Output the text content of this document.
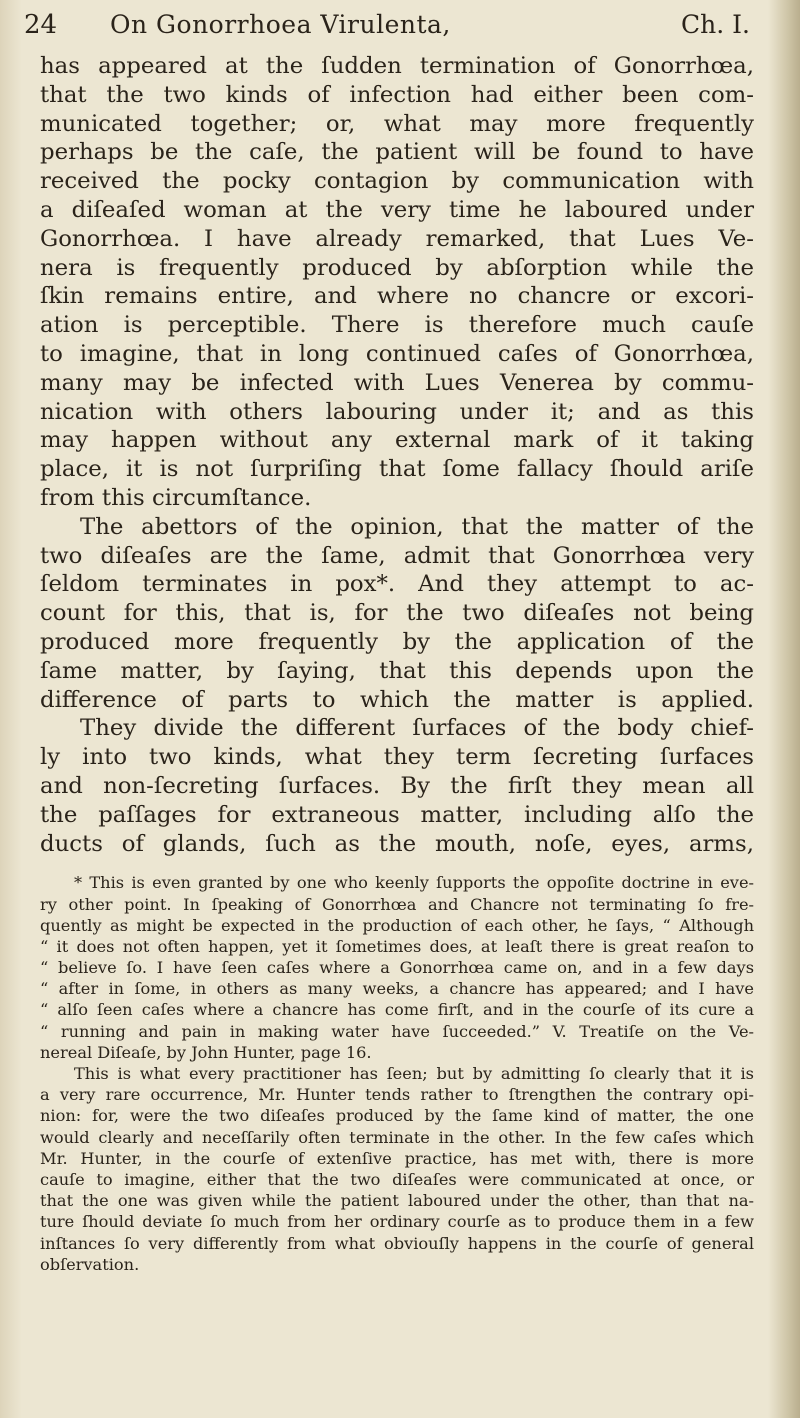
24 On Gonorrhoea Virulenta,	Ch. I.
has appeared at the ſudden termination of Gonorrhœa,
that the two kinds of infection had either been com-
municated together; or, what may more frequently
perhaps be the caſe, the patient will be found to have
received the pocky contagion by communication with
a diſeaſed woman at the very time he laboured under
Gonorrhœa. I have already remarked, that Lues Ve-
nera is frequently produced by abſorption while the
ſkin remains entire, and where no chancre or excori-
ation is perceptible. There is therefore much cauſe
to imagine, that in long continued caſes of Gonorrhœa,
many may be infected with Lues Venerea by commu-
nication with others labouring under it; and as this
may happen without any external mark of it taking
place, it is not ſurpriſing that ſome fallacy ſhould ariſe
from this circumſtance.
The abettors of the opinion, that the matter of the
two diſeaſes are the ſame, admit that Gonorrhœa very
ſeldom terminates in pox*. And they attempt to ac-
count for this, that is, for the two diſeaſes not being
produced more frequently by the application of the
ſame matter, by ſaying, that this depends upon the
difference of parts to which the matter is applied.
They divide the different ſurfaces of the body chief-
ly into two kinds, what they term ſecreting ſurfaces
and non-ſecreting ſurfaces. By the firſt they mean all
the paſſages for extraneous matter, including alſo the
ducts of glands, ſuch as the mouth, noſe, eyes, arms,
* This is even granted by one who keenly ſupports the oppoſite doctrine in eve-
ry other point. In ſpeaking of Gonorrhœa and Chancre not terminating ſo fre-
quently as might be expected in the production of each other, he ſays, “ Although
“ it does not often happen, yet it ſometimes does, at leaſt there is great reaſon to
“ believe ſo. I have ſeen caſes where a Gonorrhœa came on, and in a few days
“ after in ſome, in others as many weeks, a chancre has appeared; and I have
“ alſo ſeen caſes where a chancre has come firſt, and in the courſe of its cure a
“ running and pain in making water have ſucceeded.” V. Treatiſe on the Ve-
nereal Diſeaſe, by John Hunter, page 16.
This is what every practitioner has ſeen; but by admitting ſo clearly that it is
a very rare occurrence, Mr. Hunter tends rather to ſtrengthen the contrary opi-
nion: for, were the two diſeaſes produced by the ſame kind of matter, the one
would clearly and neceſſarily often terminate in the other. In the few caſes which
Mr. Hunter, in the courſe of extenſive practice, has met with, there is more
cauſe to imagine, either that the two diſeaſes were communicated at once, or
that the one was given while the patient laboured under the other, than that na-
ture ſhould deviate ſo much from her ordinary courſe as to produce them in a few
inſtances ſo very differently from what obviouſly happens in the courſe of general
obſervation.
